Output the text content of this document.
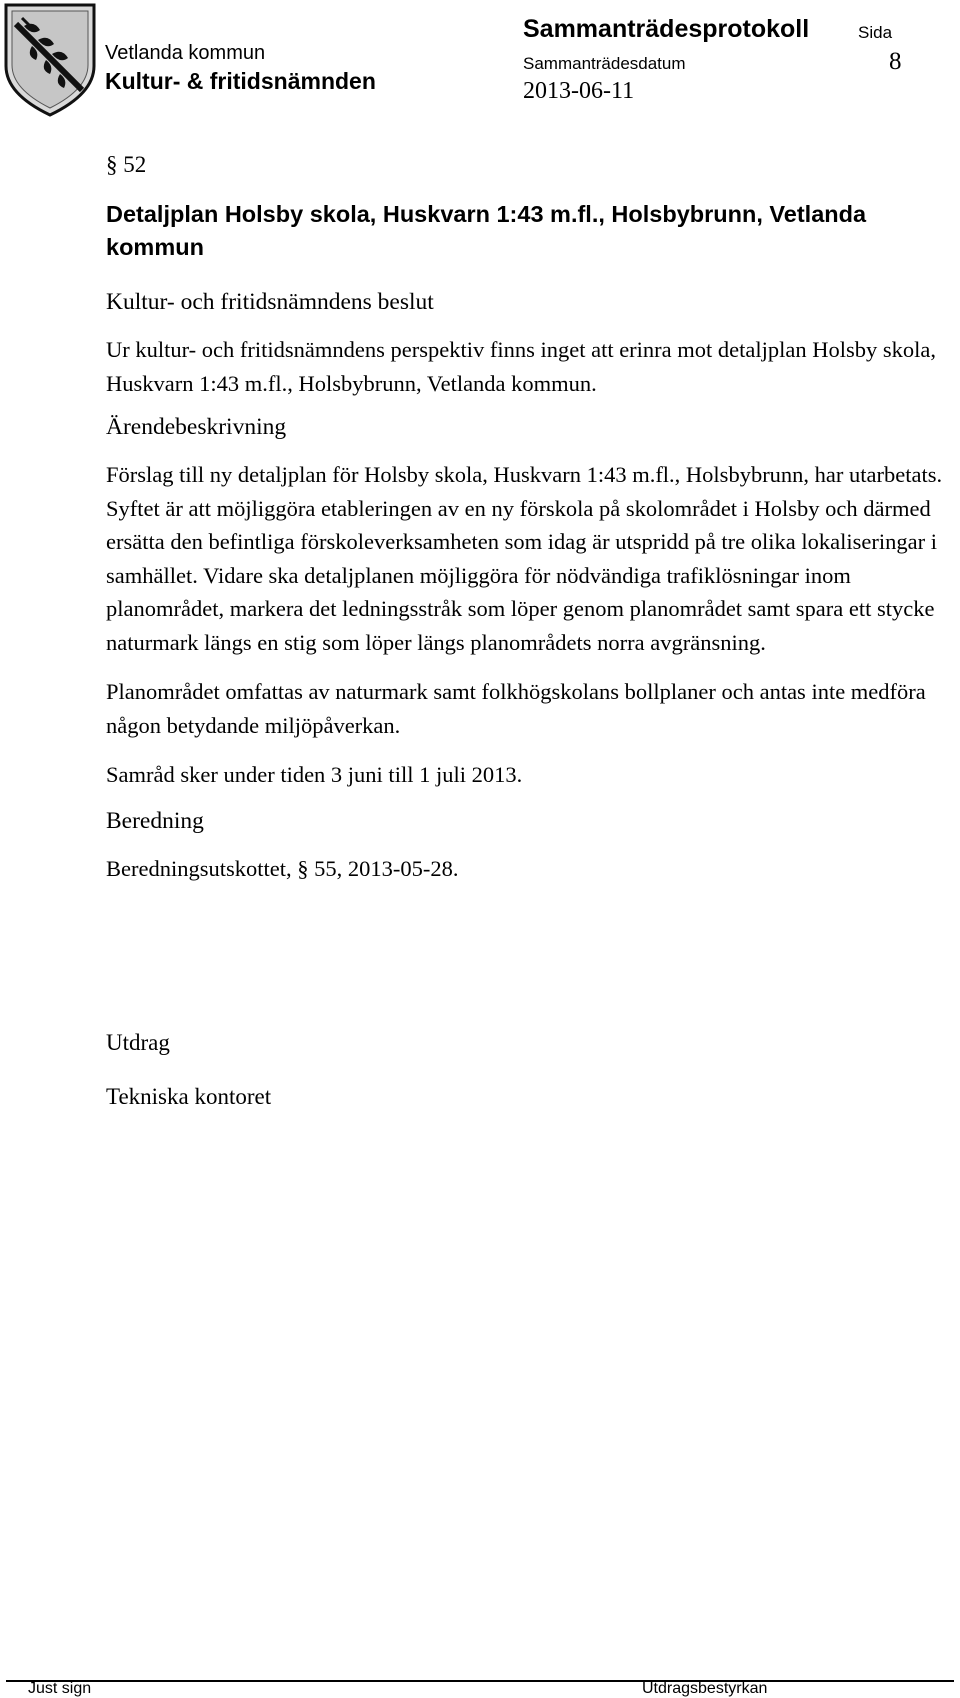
Vetlanda kommun
Kultur- & fritidsnämnden
Sammanträdesprotokoll
Sammanträdesdatum
2013-06-11
Sida
8

§ 52

Detaljplan Holsby skola, Huskvarn 1:43 m.fl., Holsbybrunn, Vetlanda kommun
Kultur- och fritidsnämndens beslut

Ur kultur- och fritidsnämndens perspektiv finns inget att erinra mot detaljplan Holsby skola, Huskvarn 1:43 m.fl., Holsbybrunn, Vetlanda kommun.

Ärendebeskrivning

Förslag till ny detaljplan för Holsby skola, Huskvarn 1:43 m.fl., Holsbybrunn, har utarbetats. Syftet är att möjliggöra etableringen av en ny förskola på skolområdet i Holsby och därmed ersätta den befintliga förskoleverksamheten som idag är utspridd på tre olika lokaliseringar i samhället. Vidare ska detaljplanen möjliggöra för nödvändiga trafiklösningar inom planområdet, markera det ledningsstråk som löper genom planområdet samt spara ett stycke naturmark längs en stig som löper längs planområdets norra avgränsning.

Planområdet omfattas av naturmark samt folkhögskolans bollplaner och antas inte medföra någon betydande miljöpåverkan.

Samråd sker under tiden 3 juni till 1 juli 2013.

Beredning

Beredningsutskottet, § 55, 2013-05-28.

Utdrag

Tekniska kontoret

Just sign	Utdragsbestyrkan
